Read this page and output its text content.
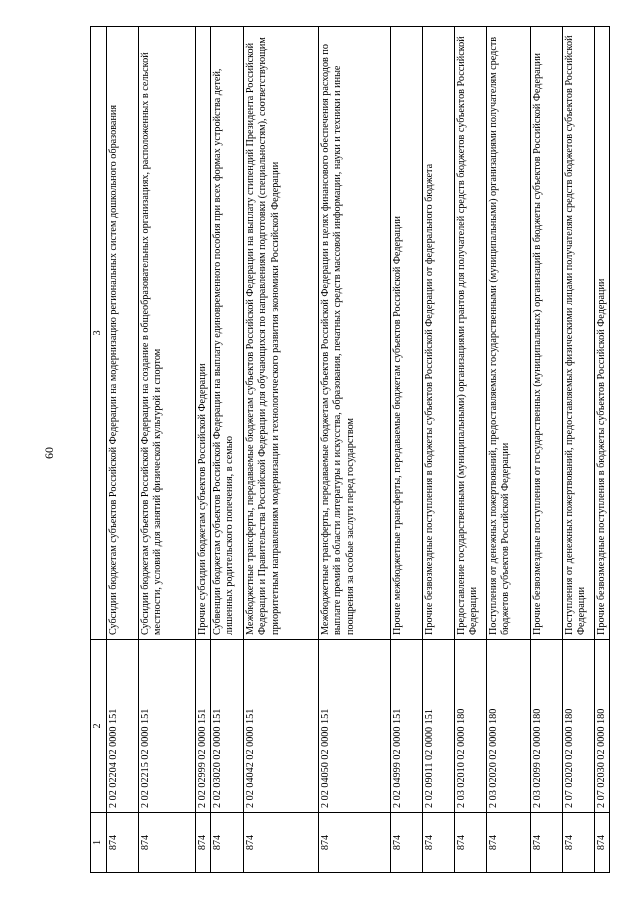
60
1	2	3
874	2 02 02204 02 0000 151	Субсидии бюджетам субъектов Российской Федерации на модернизацию региональных систем дошкольного образования
874	2 02 02215 02 0000 151	Субсидии бюджетам субъектов Российской Федерации на создание в общеобразовательных организациях, расположенных в сельской местности, условий для занятий физической культурой и спортом
874	2 02 02999 02 0000 151	Прочие субсидии бюджетам субъектов Российской Федерации
874	2 02 03020 02 0000 151	Субвенции бюджетам субъектов Российской Федерации на выплату единовременного пособия при всех формах устройства детей, лишенных родительского попечения, в семью
874	2 02 04042 02 0000 151	Межбюджетные трансферты, передаваемые бюджетам субъектов Российской Федерации на выплату стипендий Президента Российской Федерации и Правительства Российской Федерации для обучающихся по направлениям подготовки (специальностям), соответствующим приоритетным направлениям модернизации и технологического развития экономики Российской Федерации
874	2 02 04050 02 0000 151	Межбюджетные трансферты, передаваемые бюджетам субъектов Российской Федерации в целях финансового обеспечения расходов по выплате премий в области литературы и искусства, образования, печатных средств массовой информации, науки и техники и иные поощрения за особые заслуги перед государством
874	2 02 04999 02 0000 151	Прочие межбюджетные трансферты, передаваемые бюджетам субъектов Российской Федерации
874	2 02 09011 02 0000 151	Прочие безвозмездные поступления в бюджеты субъектов Российской Федерации от федерального бюджета
874	2 03 02010 02 0000 180	Предоставление государственными (муниципальными) организациями грантов для получателей средств бюджетов субъектов Российской Федерации
874	2 03 02020 02 0000 180	Поступления от денежных пожертвований, предоставляемых государственными (муниципальными) организациями получателям средств бюджетов субъектов Российской Федерации
874	2 03 02099 02 0000 180	Прочие безвозмездные поступления от государственных (муниципальных) организаций в бюджеты субъектов Российской Федерации
874	2 07 02020 02 0000 180	Поступления от денежных пожертвований, предоставляемых физическими лицами получателям средств бюджетов субъектов Российской Федерации
874	2 07 02030 02 0000 180	Прочие безвозмездные поступления в бюджеты субъектов Российской Федерации
